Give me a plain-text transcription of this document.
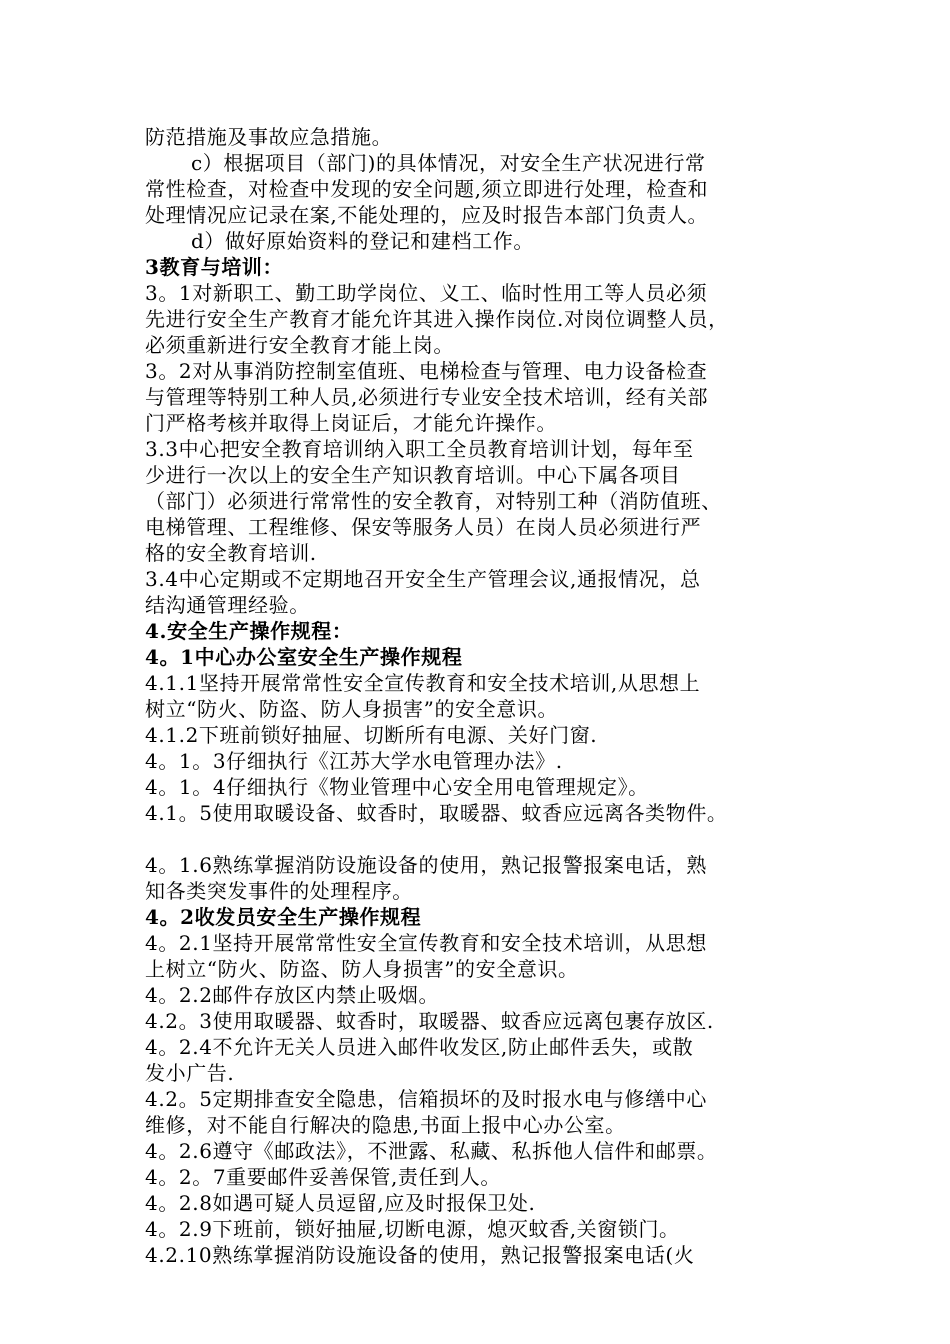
防范措施及事故应急措施。
c）根据项目（部门)的具体情况，对安全生产状况进行常
常性检查，对检查中发现的安全问题,须立即进行处理，检查和
处理情况应记录在案,不能处理的，应及时报告本部门负责人。
d）做好原始资料的登记和建档工作。
3教育与培训：
3。1对新职工、勤工助学岗位、义工、临时性用工等人员必须
先进行安全生产教育才能允许其进入操作岗位.对岗位调整人员，
必须重新进行安全教育才能上岗。
3。2对从事消防控制室值班、电梯检查与管理、电力设备检查
与管理等特别工种人员,必须进行专业安全技术培训，经有关部
门严格考核并取得上岗证后，才能允许操作。
3.3中心把安全教育培训纳入职工全员教育培训计划，每年至
少进行一次以上的安全生产知识教育培训。中心下属各项目
（部门）必须进行常常性的安全教育，对特别工种（消防值班、
电梯管理、工程维修、保安等服务人员）在岗人员必须进行严
格的安全教育培训.
3.4中心定期或不定期地召开安全生产管理会议,通报情况，总
结沟通管理经验。
4.安全生产操作规程：
4。1中心办公室安全生产操作规程
4.1.1坚持开展常常性安全宣传教育和安全技术培训,从思想上
树立“防火、防盗、防人身损害”的安全意识。
4.1.2下班前锁好抽屉、切断所有电源、关好门窗.
4。1。3仔细执行《江苏大学水电管理办法》.
4。1。4仔细执行《物业管理中心安全用电管理规定》。
4.1。5使用取暖设备、蚊香时，取暖器、蚊香应远离各类物件。
4。1.6熟练掌握消防设施设备的使用，熟记报警报案电话，熟
知各类突发事件的处理程序。
4。2收发员安全生产操作规程
4。2.1坚持开展常常性安全宣传教育和安全技术培训，从思想
上树立“防火、防盗、防人身损害”的安全意识。
4。2.2邮件存放区内禁止吸烟。
4.2。3使用取暖器、蚊香时，取暖器、蚊香应远离包裹存放区.
4。2.4不允许无关人员进入邮件收发区,防止邮件丢失，或散
发小广告.
4.2。5定期排查安全隐患，信箱损坏的及时报水电与修缮中心
维修，对不能自行解决的隐患,书面上报中心办公室。
4。2.6遵守《邮政法》，不泄露、私藏、私拆他人信件和邮票。
4。2。7重要邮件妥善保管,责任到人。
4。2.8如遇可疑人员逗留,应及时报保卫处.
4。2.9下班前，锁好抽屉,切断电源，熄灭蚊香,关窗锁门。
4.2.10熟练掌握消防设施设备的使用，熟记报警报案电话(火
